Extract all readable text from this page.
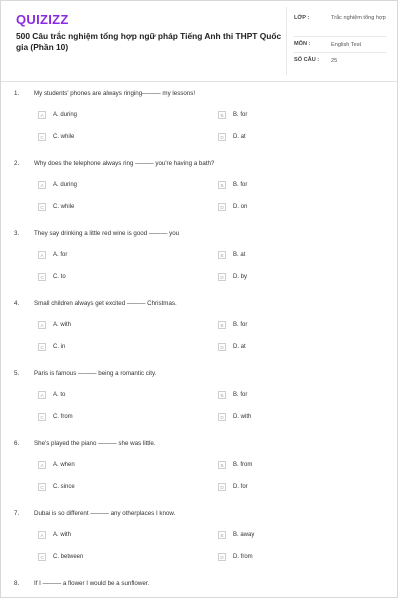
QUIZIZZ
500 Câu trắc nghiệm tổng hợp ngữ pháp Tiếng Anh thi THPT Quốc gia (Phần 10)
LỚP :	Trắc nghiệm tổng hợp
MÔN :	English Test
SỐ CÂU : 25
1. My students' phones are always ringing——— my lessons!
A	A. during	B	B. for
C	C. while	D	D. at
2. Why does the telephone always ring ——— you're having a bath?
A	A. during	B	B. for
C	C. while	D	D. on
3. They say drinking a little red wine is good ——— you
A	A. for	B	B. at
C	C. to	D	D. by
4. Small children always get excited ——— Christmas.
A	A. with	B	B. for
C	C. in	D	D. at
5. Paris is famous ——— being a romantic city.
A	A. to	B	B. for
C	C. from	D	D. with
6. She's played the piano ——— she was little.
A	A. when	B	B. from
C	C. since	D	D. for
7. Dubai is so different ——— any otherplaces I know.
A	A. with	B	B. away
C	C. between	D	D. from
8. If I ——— a flower I would be a sunflower.
